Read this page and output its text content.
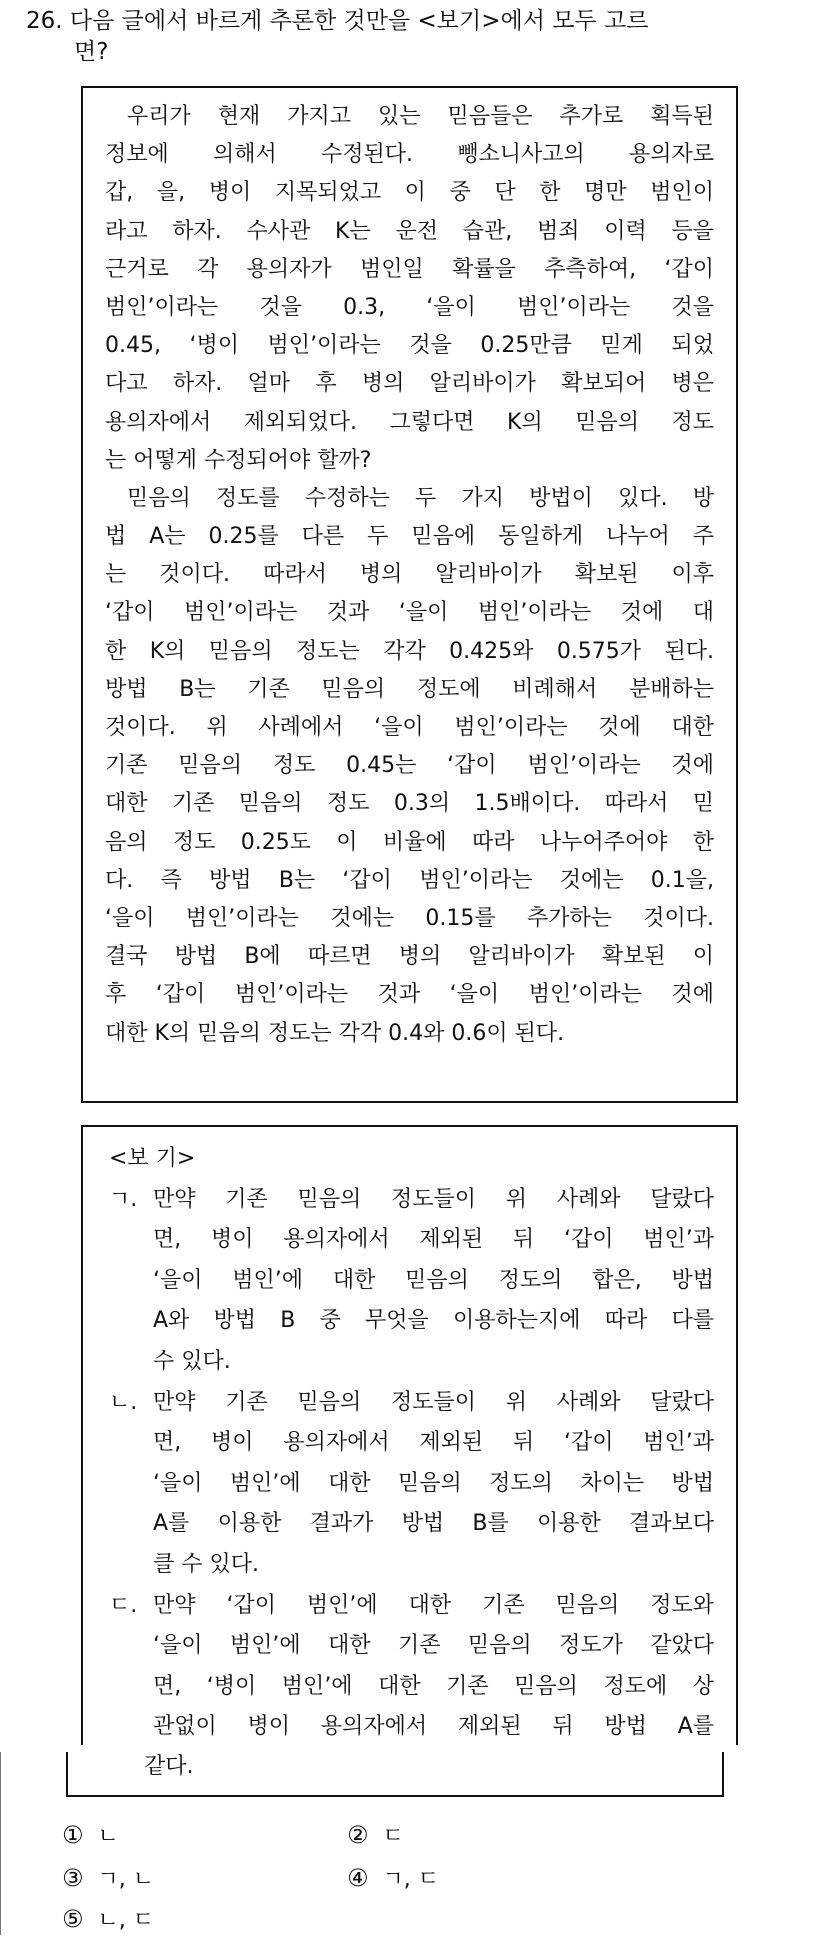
26. 다음 글에서 바르게 추론한 것만을 <보기>에서 모두 고르
면?
우리가 현재 가지고 있는 믿음들은 추가로 획득된
정보에 의해서 수정된다. 뺑소니사고의 용의자로
갑, 을, 병이 지목되었고 이 중 단 한 명만 범인이
라고 하자. 수사관 K는 운전 습관, 범죄 이력 등을
근거로 각 용의자가 범인일 확률을 추측하여, ‘갑이
범인’이라는 것을 0.3, ‘을이 범인’이라는 것을
0.45, ‘병이 범인’이라는 것을 0.25만큼 믿게 되었
다고 하자. 얼마 후 병의 알리바이가 확보되어 병은
용의자에서 제외되었다. 그렇다면 K의 믿음의 정도
는 어떻게 수정되어야 할까?
믿음의 정도를 수정하는 두 가지 방법이 있다. 방
법 A는 0.25를 다른 두 믿음에 동일하게 나누어 주
는 것이다. 따라서 병의 알리바이가 확보된 이후
‘갑이 범인’이라는 것과 ‘을이 범인’이라는 것에 대
한 K의 믿음의 정도는 각각 0.425와 0.575가 된다.
방법 B는 기존 믿음의 정도에 비례해서 분배하는
것이다. 위 사례에서 ‘을이 범인’이라는 것에 대한
기존 믿음의 정도 0.45는 ‘갑이 범인’이라는 것에
대한 기존 믿음의 정도 0.3의 1.5배이다. 따라서 믿
음의 정도 0.25도 이 비율에 따라 나누어주어야 한
다. 즉 방법 B는 ‘갑이 범인’이라는 것에는 0.1을,
‘을이 범인’이라는 것에는 0.15를 추가하는 것이다.
결국 방법 B에 따르면 병의 알리바이가 확보된 이
후 ‘갑이 범인’이라는 것과 ‘을이 범인’이라는 것에
대한 K의 믿음의 정도는 각각 0.4와 0.6이 된다.
<보 기>
ㄱ. 만약 기존 믿음의 정도들이 위 사례와 달랐다
면, 병이 용의자에서 제외된 뒤 ‘갑이 범인’과
‘을이 범인’에 대한 믿음의 정도의 합은, 방법
A와 방법 B 중 무엇을 이용하는지에 따라 다를
수 있다.
ㄴ. 만약 기존 믿음의 정도들이 위 사례와 달랐다
면, 병이 용의자에서 제외된 뒤 ‘갑이 범인’과
‘을이 범인’에 대한 믿음의 정도의 차이는 방법
A를 이용한 결과가 방법 B를 이용한 결과보다
클 수 있다.
ㄷ. 만약 ‘갑이 범인’에 대한 기존 믿음의 정도와
‘을이 범인’에 대한 기존 믿음의 정도가 같았다
면, ‘병이 범인’에 대한 기존 믿음의 정도에 상
관없이 병이 용의자에서 제외된 뒤 방법 A를
같다.
① ㄴ	② ㄷ
③ ㄱ, ㄴ	④ ㄱ, ㄷ
⑤ ㄴ, ㄷ
